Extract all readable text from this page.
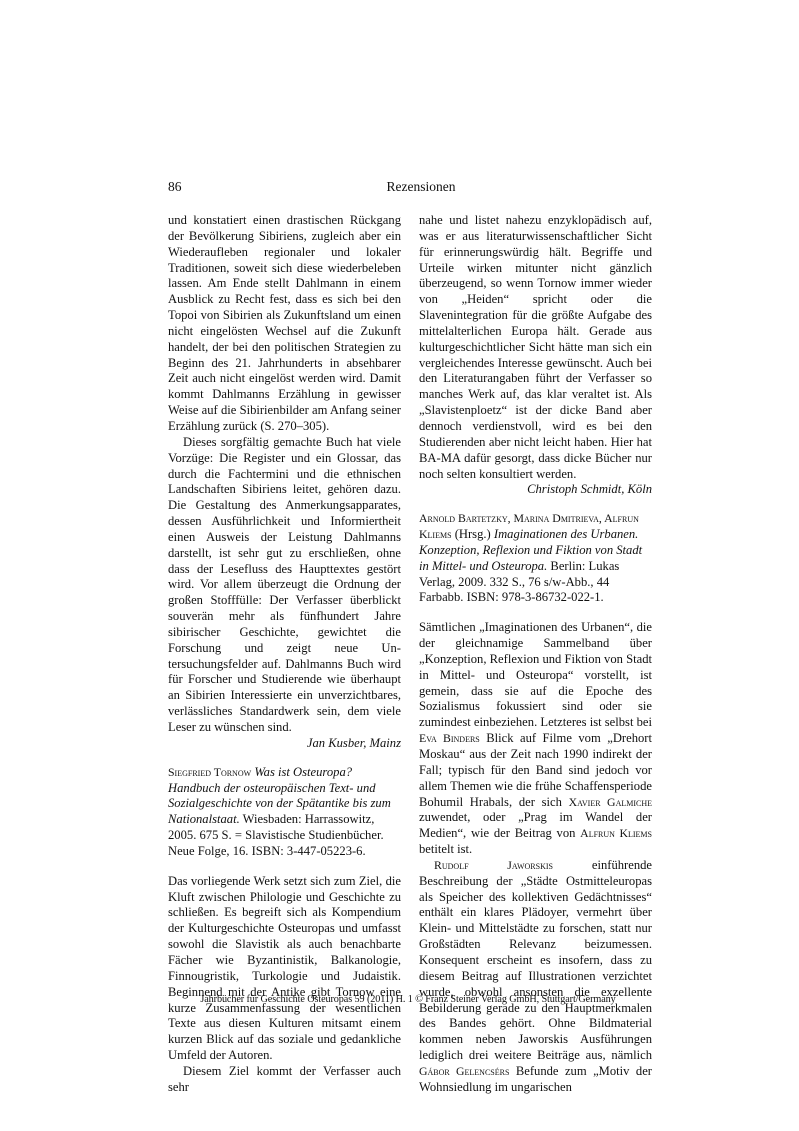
86	Rezensionen

und konstatiert einen drastischen Rückgang der Bevölkerung Sibiriens, zugleich aber ein Wiederaufleben regionaler und lokaler Traditionen, soweit sich diese wiederbeleben lassen. Am Ende stellt Dahlmann in einem Ausblick zu Recht fest, dass es sich bei den Topoi von Sibirien als Zukunftsland um einen nicht eingelösten Wechsel auf die Zukunft handelt, der bei den politischen Strategien zu Beginn des 21. Jahrhunderts in absehbarer Zeit auch nicht eingelöst werden wird. Damit kommt Dahlmanns Erzählung in gewisser Weise auf die Sibirienbilder am Anfang seiner Erzählung zurück (S. 270–305).

Dieses sorgfältig gemachte Buch hat viele Vorzüge: Die Register und ein Glossar, das durch die Fachtermini und die ethnischen Landschaften Sibiriens leitet, gehören dazu. Die Gestaltung des Anmerkungsapparates, dessen Ausführlichkeit und Informiertheit einen Ausweis der Leistung Dahlmanns darstellt, ist sehr gut zu erschließen, ohne dass der Lesefluss des Haupttextes gestört wird. Vor allem überzeugt die Ordnung der großen Stofffülle: Der Verfasser überblickt souverän mehr als fünfhundert Jahre sibirischer Geschichte, gewichtet die Forschung und zeigt neue Untersuchungsfelder auf. Dahlmanns Buch wird für Forscher und Studierende wie überhaupt an Sibirien Interessierte ein unverzichtbares, verlässliches Standardwerk sein, dem viele Leser zu wünschen sind.

Jan Kusber, Mainz

Siegfried Tornow Was ist Osteuropa? Handbuch der osteuropäischen Text- und Sozialgeschichte von der Spätantike bis zum Nationalstaat. Wiesbaden: Harrassowitz, 2005. 675 S. = Slavistische Studienbücher. Neue Folge, 16. ISBN: 3-447-05223-6.

Das vorliegende Werk setzt sich zum Ziel, die Kluft zwischen Philologie und Geschichte zu schließen. Es begreift sich als Kompendium der Kulturgeschichte Osteuropas und umfasst sowohl die Slavistik als auch benachbarte Fächer wie Byzantinistik, Balkanologie, Finnougristik, Turkologie und Judaistik. Beginnend mit der Antike gibt Tornow eine kurze Zusammenfassung der wesentlichen Texte aus diesen Kulturen mitsamt einem kurzen Blick auf das soziale und gedankliche Umfeld der Autoren.

Diesem Ziel kommt der Verfasser auch sehr

nahe und listet nahezu enzyklopädisch auf, was er aus literaturwissenschaftlicher Sicht für erinnerungswürdig hält. Begriffe und Urteile wirken mitunter nicht gänzlich überzeugend, so wenn Tornow immer wieder von „Heiden“ spricht oder die Slavenintegration für die größte Aufgabe des mittelalterlichen Europa hält. Gerade aus kulturgeschichtlicher Sicht hätte man sich ein vergleichendes Interesse gewünscht. Auch bei den Literaturangaben führt der Verfasser so manches Werk auf, das klar veraltet ist. Als „Slavistenploetz“ ist der dicke Band aber dennoch verdienstvoll, wird es bei den Studierenden aber nicht leicht haben. Hier hat BA-MA dafür gesorgt, dass dicke Bücher nur noch selten konsultiert werden.

Christoph Schmidt, Köln

Arnold Bartetzky, Marina Dmitrieva, Alfrun Kliems (Hrsg.) Imaginationen des Urbanen. Konzeption, Reflexion und Fiktion von Stadt in Mittel- und Osteuropa. Berlin: Lukas Verlag, 2009. 332 S., 76 s/w-Abb., 44 Farbabb. ISBN: 978-3-86732-022-1.

Sämtlichen „Imaginationen des Urbanen“, die der gleichnamige Sammelband über „Konzeption, Reflexion und Fiktion von Stadt in Mittel- und Osteuropa“ vorstellt, ist gemein, dass sie auf die Epoche des Sozialismus fokussiert sind oder sie zumindest einbeziehen. Letzteres ist selbst bei Eva Binders Blick auf Filme vom „Drehort Moskau“ aus der Zeit nach 1990 indirekt der Fall; typisch für den Band sind jedoch vor allem Themen wie die frühe Schaffensperiode Bohumil Hrabals, der sich Xavier Galmiche zuwendet, oder „Prag im Wandel der Medien“, wie der Beitrag von Alfrun Kliems betitelt ist.

Rudolf Jaworskis einführende Beschreibung der „Städte Ostmitteleuropas als Speicher des kollektiven Gedächtnisses“ enthält ein klares Plädoyer, vermehrt über Klein- und Mittelstädte zu forschen, statt nur Großstädten Relevanz beizumessen. Konsequent erscheint es insofern, dass zu diesem Beitrag auf Illustrationen verzichtet wurde, obwohl ansonsten die exzellente Bebilderung gerade zu den Hauptmerkmalen des Bandes gehört. Ohne Bildmaterial kommen neben Jaworskis Ausführungen lediglich drei weitere Beiträge aus, nämlich Gábor Gelencsérs Befunde zum „Motiv der Wohnsiedlung im ungarischen

Jahrbücher für Geschichte Osteuropas 59 (2011) H. 1 © Franz Steiner Verlag GmbH, Stuttgart/Germany
